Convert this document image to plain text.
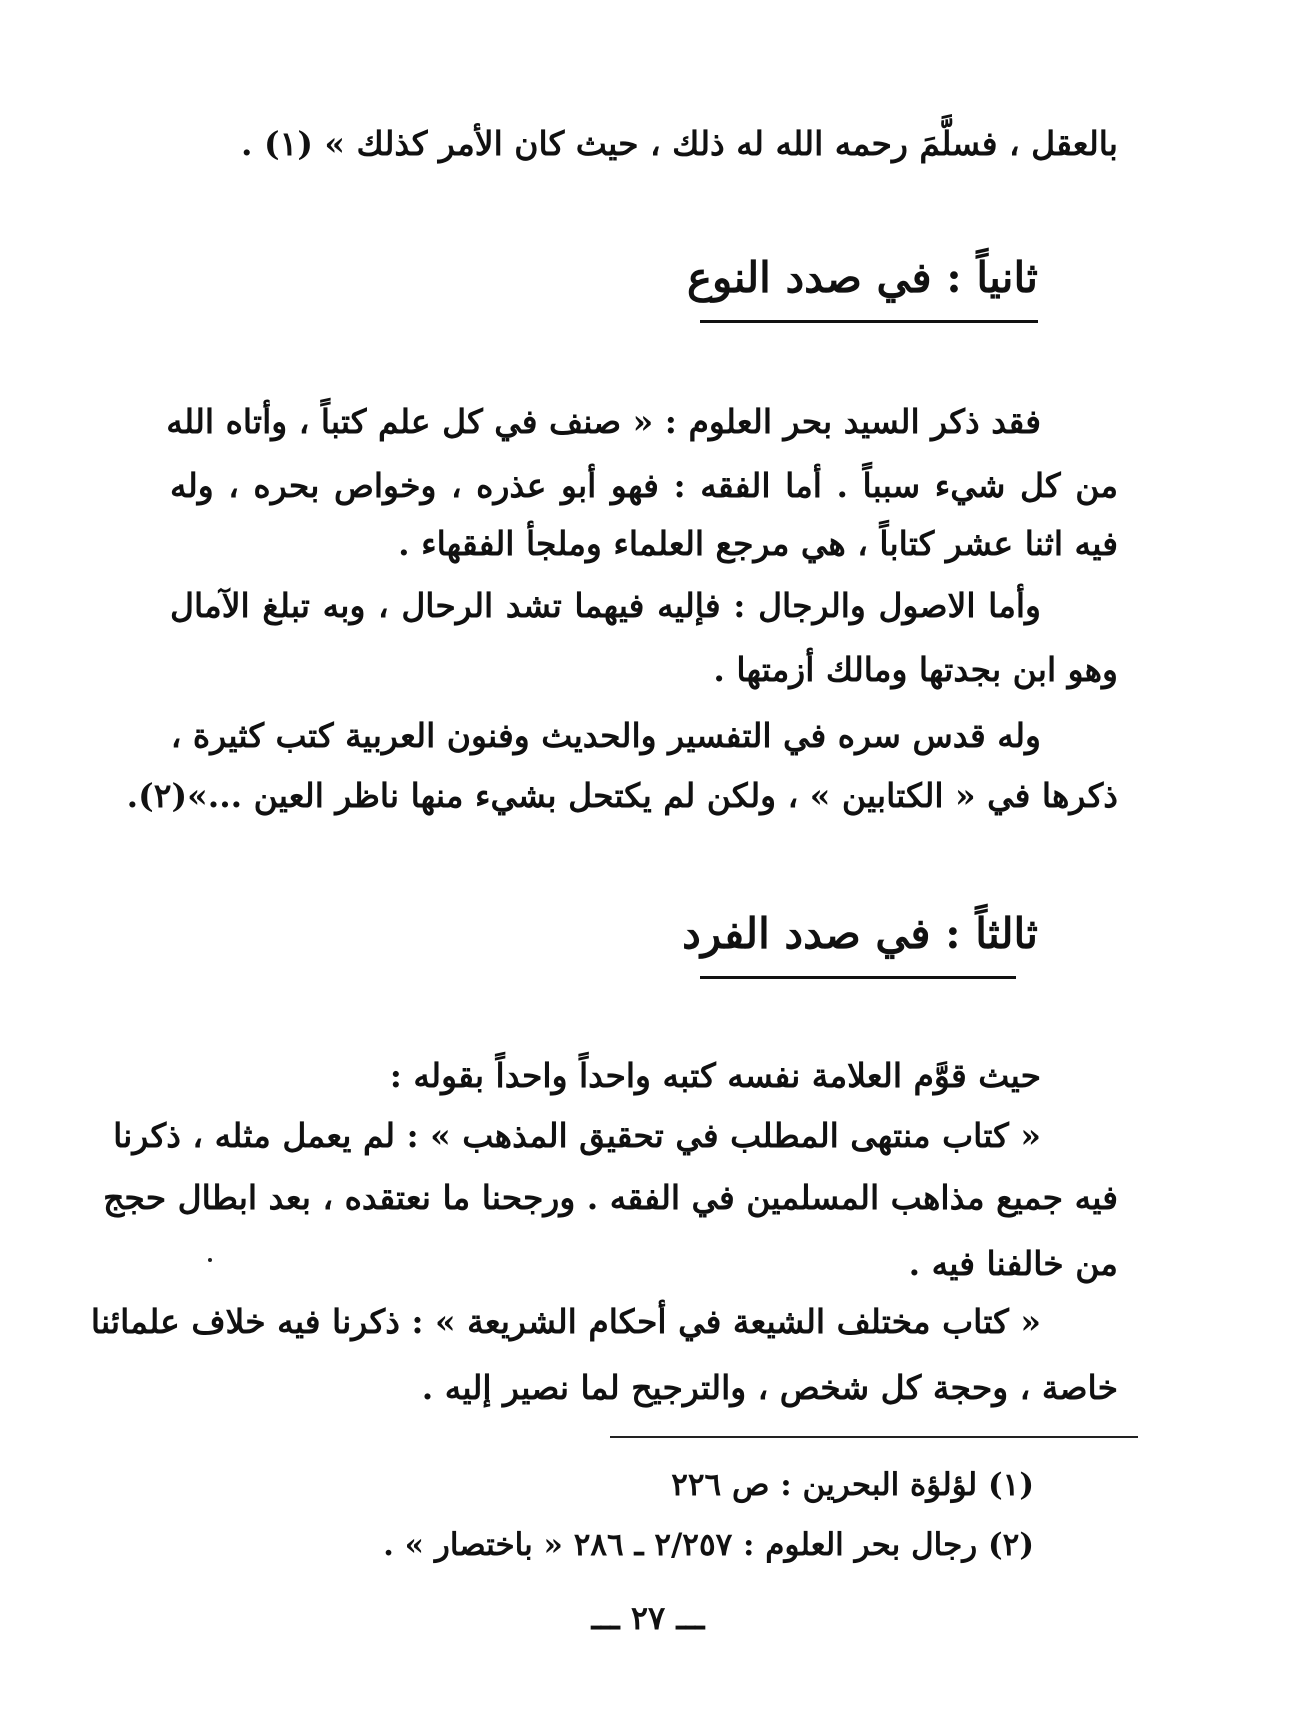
بالعقل ، فسلَّمَ رحمه الله له ذلك ، حيث كان الأمر كذلك » (١) .

ثانياً : في صدد النوع

فقد ذكر السيد بحر العلوم : « صنف في كل علم كتباً ، وأتاه الله

من كل شيء سبباً . أما الفقه : فهو أبو عذره ، وخواص بحره ، وله

فيه اثنا عشر كتاباً ، هي مرجع العلماء وملجأ الفقهاء .

وأما الاصول والرجال : فإليه فيهما تشد الرحال ، وبه تبلغ الآمال

وهو ابن بجدتها ومالك أزمتها .

وله قدس سره في التفسير والحديث وفنون العربية كتب كثيرة ،

ذكرها في « الكتابين » ، ولكن لم يكتحل بشيء منها ناظر العين ...»(٢).

ثالثاً : في صدد الفرد

حيث قوَّم العلامة نفسه كتبه واحداً واحداً بقوله :

« كتاب منتهى المطلب في تحقيق المذهب » : لم يعمل مثله ، ذكرنا

فيه جميع مذاهب المسلمين في الفقه . ورجحنا ما نعتقده ، بعد ابطال حجج

من خالفنا فيه .

« كتاب مختلف الشيعة في أحكام الشريعة » : ذكرنا فيه خلاف علمائنا

خاصة ، وحجة كل شخص ، والترجيح لما نصير إليه .

(١) لؤلؤة البحرين : ص ٢٢٦

(٢) رجال بحر العلوم : ٢/٢٥٧ ـ ٢٨٦ « باختصار » .

ـــ ٢٧ ـــ
